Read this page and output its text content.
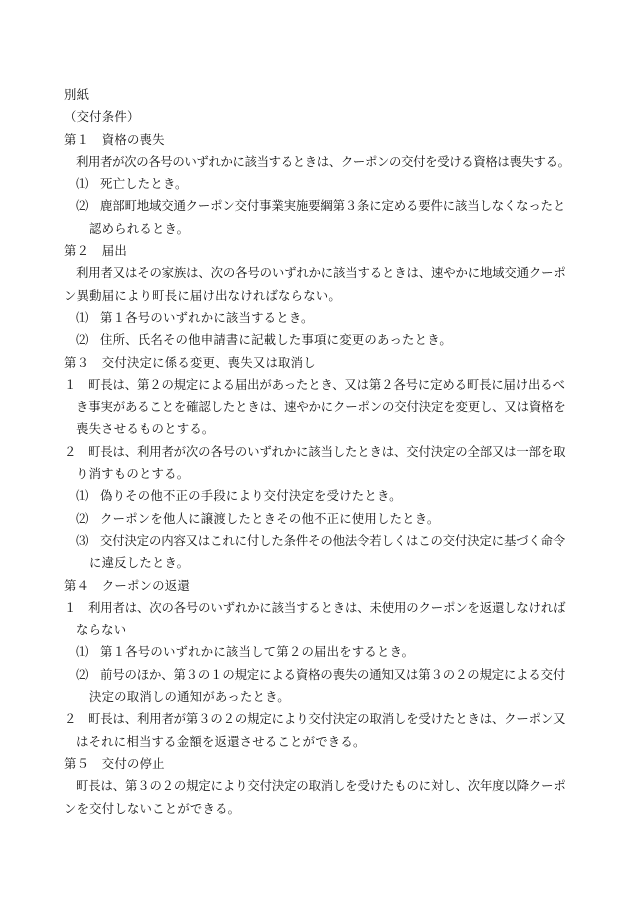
別紙
（交付条件）
第１　資格の喪失
利用者が次の各号のいずれかに該当するときは、クーポンの交付を受ける資格は喪失する。
⑴ 死亡したとき。
⑵ 鹿部町地域交通クーポン交付事業実施要綱第３条に定める要件に該当しなくなったと
認められるとき。
第２　届出
利用者又はその家族は、次の各号のいずれかに該当するときは、速やかに地域交通クーポ
ン異動届により町長に届け出なければならない。
⑴ 第１各号のいずれかに該当するとき。
⑵ 住所、氏名その他申請書に記載した事項に変更のあったとき。
第３　交付決定に係る変更、喪失又は取消し
１ 町長は、第２の規定による届出があったとき、又は第２各号に定める町長に届け出るべ
き事実があることを確認したときは、速やかにクーポンの交付決定を変更し、又は資格を
喪失させるものとする。
２ 町長は、利用者が次の各号のいずれかに該当したときは、交付決定の全部又は一部を取
り消すものとする。
⑴ 偽りその他不正の手段により交付決定を受けたとき。
⑵ クーポンを他人に譲渡したときその他不正に使用したとき。
⑶ 交付決定の内容又はこれに付した条件その他法令若しくはこの交付決定に基づく命令
に違反したとき。
第４　クーポンの返還
１ 利用者は、次の各号のいずれかに該当するときは、未使用のクーポンを返還しなければ
ならない
⑴ 第１各号のいずれかに該当して第２の届出をするとき。
⑵ 前号のほか、第３の１の規定による資格の喪失の通知又は第３の２の規定による交付
決定の取消しの通知があったとき。
２ 町長は、利用者が第３の２の規定により交付決定の取消しを受けたときは、クーポン又
はそれに相当する金額を返還させることができる。
第５　交付の停止
町長は、第３の２の規定により交付決定の取消しを受けたものに対し、次年度以降クーポ
ンを交付しないことができる。
